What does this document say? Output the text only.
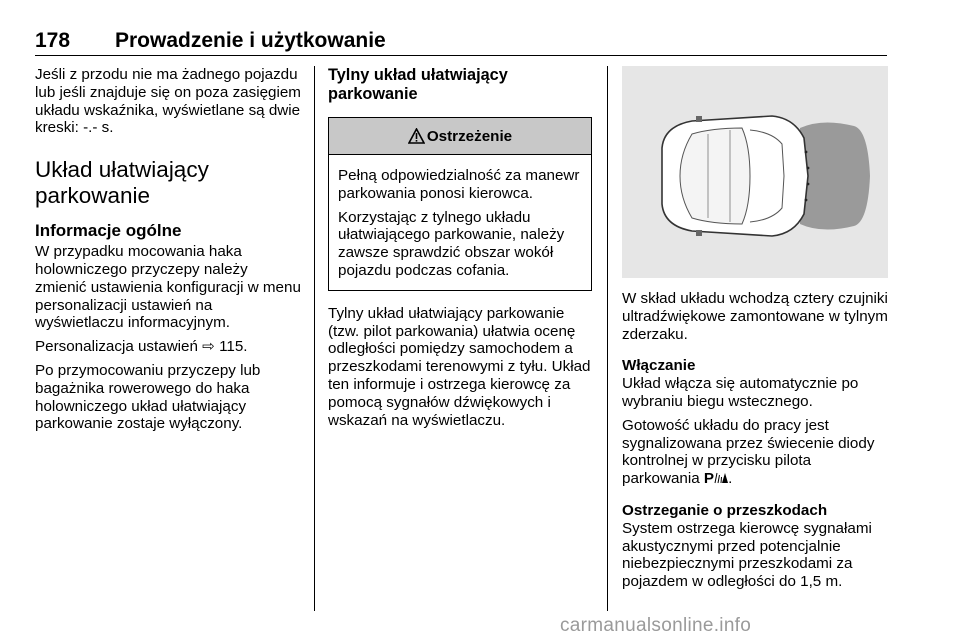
178 Prowadzenie i użytkowanie

Jeśli z przodu nie ma żadnego pojazdu lub jeśli znajduje się on poza zasięgiem układu wskaźnika, wyświetlane są dwie kreski: -.- s.

Układ ułatwiający parkowanie
Informacje ogólne

W przypadku mocowania haka holowniczego przyczepy należy zmienić ustawienia konfiguracji w menu personalizacji ustawień na wyświetlaczu informacyjnym.

Personalizacja ustawień ⇨ 115.

Po przymocowaniu przyczepy lub bagażnika rowerowego do haka holowniczego układ ułatwiający parkowanie zostaje wyłączony.

Tylny układ ułatwiający parkowanie
Ostrzeżenie

Pełną odpowiedzialność za manewr parkowania ponosi kierowca.

Korzystając z tylnego układu ułatwiającego parkowanie, należy zawsze sprawdzić obszar wokół pojazdu podczas cofania.

Tylny układ ułatwiający parkowanie (tzw. pilot parkowania) ułatwia ocenę odległości pomiędzy samochodem a przeszkodami terenowymi z tyłu. Układ ten informuje i ostrzega kierowcę za pomocą sygnałów dźwiękowych i wskazań na wyświetlaczu.

W skład układu wchodzą cztery czujniki ultradźwiękowe zamontowane w tylnym zderzaku.

Włączanie

Układ włącza się automatycznie po wybraniu biegu wstecznego.

Gotowość układu do pracy jest sygnalizowana przez świecenie diody kontrolnej w przycisku pilota parkowania P .

Ostrzeganie o przeszkodach

System ostrzega kierowcę sygnałami akustycznymi przed potencjalnie niebezpiecznymi przeszkodami za pojazdem w odległości do 1,5 m.

carmanualsonline.info
